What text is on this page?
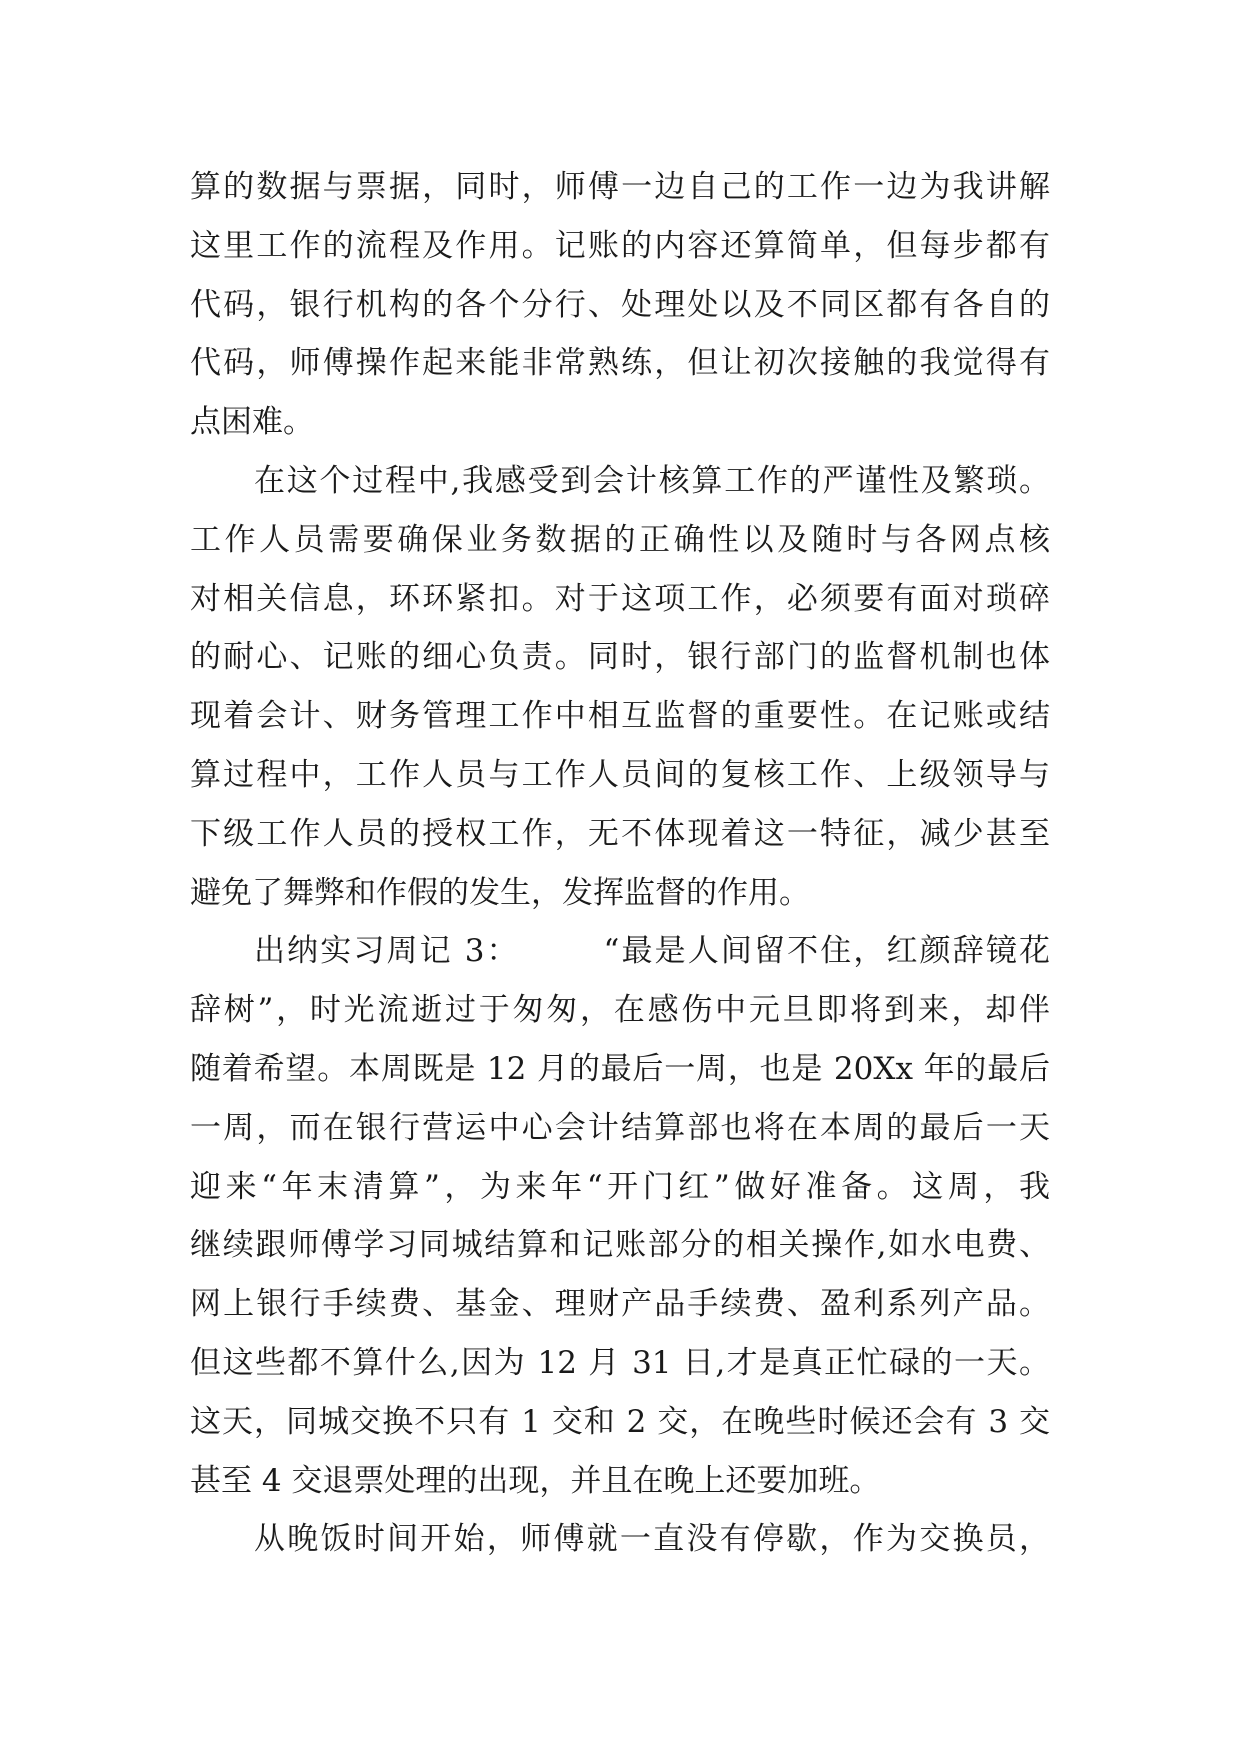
算的数据与票据，同时，师傅一边自己的工作一边为我讲解
这里工作的流程及作用。记账的内容还算简单，但每步都有
代码，银行机构的各个分行、处理处以及不同区都有各自的
代码，师傅操作起来能非常熟练，但让初次接触的我觉得有
点困难。
在这个过程中,我感受到会计核算工作的严谨性及繁琐。
工作人员需要确保业务数据的正确性以及随时与各网点核
对相关信息，环环紧扣。对于这项工作，必须要有面对琐碎
的耐心、记账的细心负责。同时，银行部门的监督机制也体
现着会计、财务管理工作中相互监督的重要性。在记账或结
算过程中，工作人员与工作人员间的复核工作、上级领导与
下级工作人员的授权工作，无不体现着这一特征，减少甚至
避免了舞弊和作假的发生，发挥监督的作用。
出纳实习周记 3：　　　“最是人间留不住，红颜辞镜花
辞树”，时光流逝过于匆匆，在感伤中元旦即将到来，却伴
随着希望。本周既是 12 月的最后一周，也是 20Xx 年的最后
一周，而在银行营运中心会计结算部也将在本周的最后一天
迎来“年末清算”，为来年“开门红”做好准备。这周，我
继续跟师傅学习同城结算和记账部分的相关操作,如水电费、
网上银行手续费、基金、理财产品手续费、盈利系列产品。
但这些都不算什么,因为 12 月 31 日,才是真正忙碌的一天。
这天，同城交换不只有 1 交和 2 交，在晚些时候还会有 3 交
甚至 4 交退票处理的出现，并且在晚上还要加班。
从晚饭时间开始，师傅就一直没有停歇，作为交换员，
